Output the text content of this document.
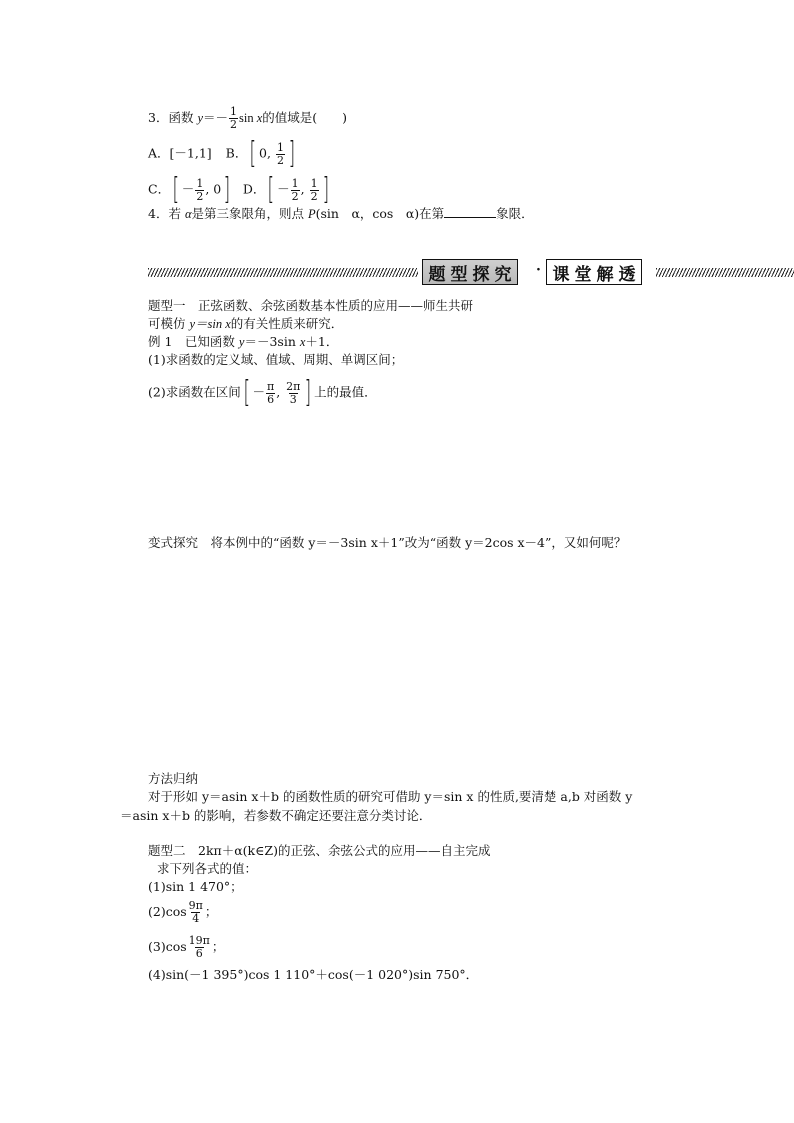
3．函数 $y=- \frac{1}{2}$ sin x的值域是(　　)
A．[－1,1] B．[ 0, $\frac{1}{2}$ ]
C．[ － $\frac{1}{2}$ , 0] D．[ － $\frac{1}{2}$ , $\frac{1}{2}$ ]
4．若 α是第三象限角，则点 P(sin　α，cos　α)在第	象限．
题 型 探 究 · 课 堂 解 透
题型一　正弦函数、余弦函数基本性质的应用——师生共研
可模仿 y＝sin x的有关性质来研究．
例 1　已知函数 y＝－3sin x＋1．
(1)求函数的定义域、值域、周期、单调区间；
(2)求函数在区间[ － $\frac{\pi}{6}$ , $\frac{2\pi}{3}$ ] 上的最值．
变式探究　将本例中的“函数 y＝－3sin x＋1”改为“函数 y＝2cos x－4”，又如何呢？
方法归纳
对于形如 y＝asin x＋b 的函数性质的研究可借助 y＝sin x 的性质,要清楚 a,b 对函数 y
＝asin x＋b 的影响，若参数不确定还要注意分类讨论．
题型二　2kπ＋α(k∈Z)的正弦、余弦公式的应用——自主完成
求下列各式的值：
(1)sin 1 470°；
$(2)\cos \frac{9\pi}{4}$ ；
$(3)\cos \frac{19\pi}{6}$ ；
(4)sin(－1 395°)cos 1 110°＋cos(－1 020°)sin 750°．
